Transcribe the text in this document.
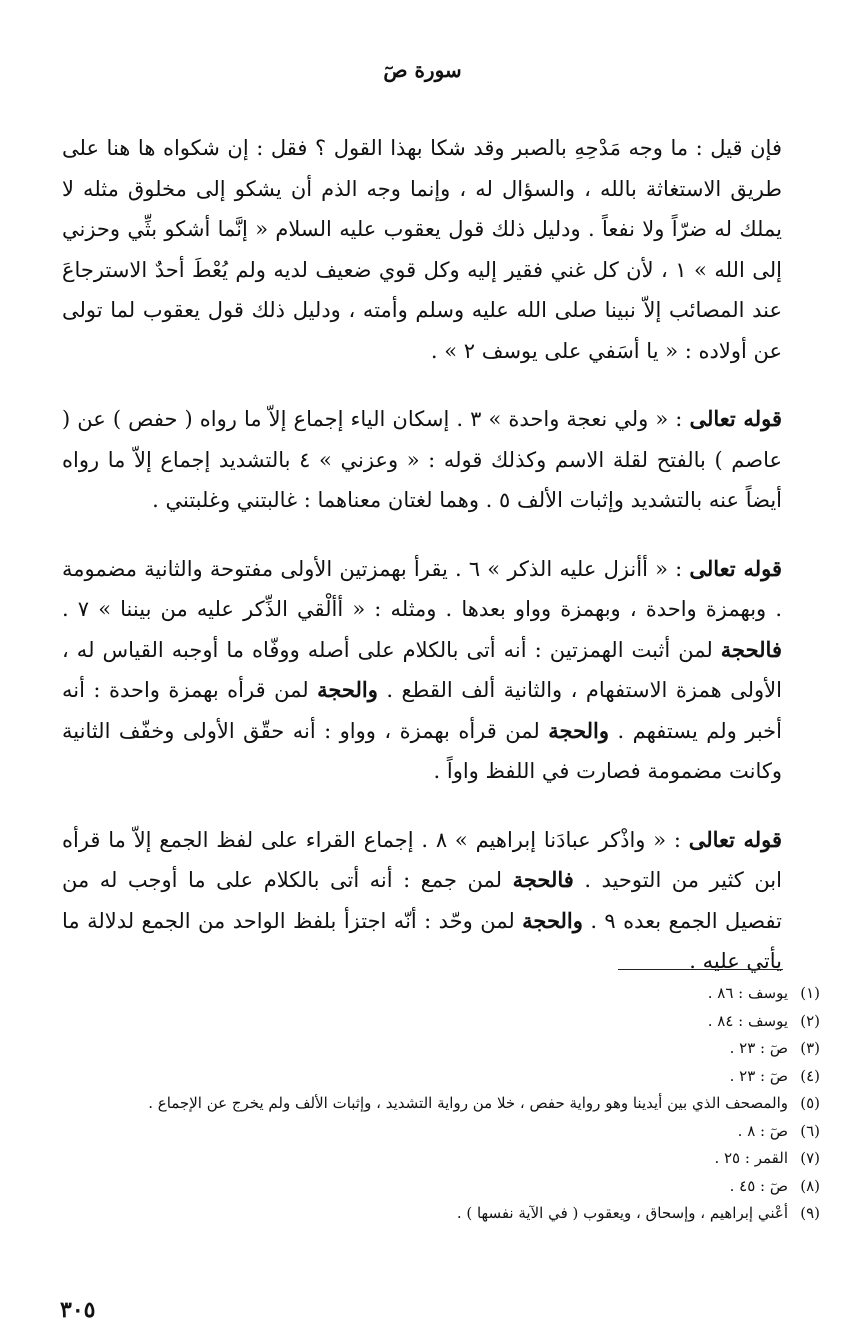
سورة صٓ

فإن قيل : ما وجه مَدْحِهِ بالصبر وقد شكا بهذا القول ؟ فقل : إن شكواه ها هنا على طريق الاستغاثة بالله ، والسؤال له ، وإنما وجه الذم أن يشكو إلى مخلوق مثله لا يملك له ضرّاً ولا نفعاً . ودليل ذلك قول يعقوب عليه السلام « إنَّما أشكو بثِّي وحزني إلى الله » ١ ، لأن كل غني فقير إليه وكل قوي ضعيف لديه ولم يُعْطَ أحدٌ الاسترجاعَ عند المصائب إلاّ نبينا صلى الله عليه وسلم وأمته ، ودليل ذلك قول يعقوب لما تولى عن أولاده : « يا أسَفي على يوسف ٢ » .

قوله تعالى : « ولي نعجة واحدة » ٣ . إسكان الياء إجماع إلاّ ما رواه ( حفص ) عن ( عاصم ) بالفتح لقلة الاسم وكذلك قوله : « وعزني » ٤ بالتشديد إجماع إلاّ ما رواه أيضاً عنه بالتشديد وإثبات الألف ٥ . وهما لغتان معناهما : غالبتني وغلبتني .

قوله تعالى : « أأنزل عليه الذكر » ٦ . يقرأ بهمزتين الأولى مفتوحة والثانية مضمومة . وبهمزة واحدة ، وبهمزة وواو بعدها . ومثله : « أألْقي الذِّكر عليه من بيننا » ٧ . فالحجة لمن أثبت الهمزتين : أنه أتى بالكلام على أصله ووفّاه ما أوجبه القياس له ، الأولى همزة الاستفهام ، والثانية ألف القطع . والحجة لمن قرأه بهمزة واحدة : أنه أخبر ولم يستفهم . والحجة لمن قرأه بهمزة ، وواو : أنه حقّق الأولى وخفّف الثانية وكانت مضمومة فصارت في اللفظ واواً .

قوله تعالى : « واذْكر عبادَنا إبراهيم » ٨ . إجماع القراء على لفظ الجمع إلاّ ما قرأه ابن كثير من التوحيد . فالحجة لمن جمع : أنه أتى بالكلام على ما أوجب له من تفصيل الجمع بعده ٩ . والحجة لمن وحّد : أنّه اجتزأ بلفظ الواحد من الجمع لدلالة ما يأتي عليه .

(١)يوسف : ٨٦ .
(٢)يوسف : ٨٤ .
(٣)صٓ : ٢٣ .
(٤)صٓ : ٢٣ .
(٥)والمصحف الذي بين أيدينا وهو رواية حفص ، خلا من رواية التشديد ، وإثبات الألف ولم يخرج عن الإجماع .
(٦)صٓ : ٨ .
(٧)القمر : ٢٥ .
(٨)صٓ : ٤٥ .
(٩)أعْني إبراهيم ، وإسحاق ، ويعقوب ( في الآية نفسها ) .
٣٠٥
